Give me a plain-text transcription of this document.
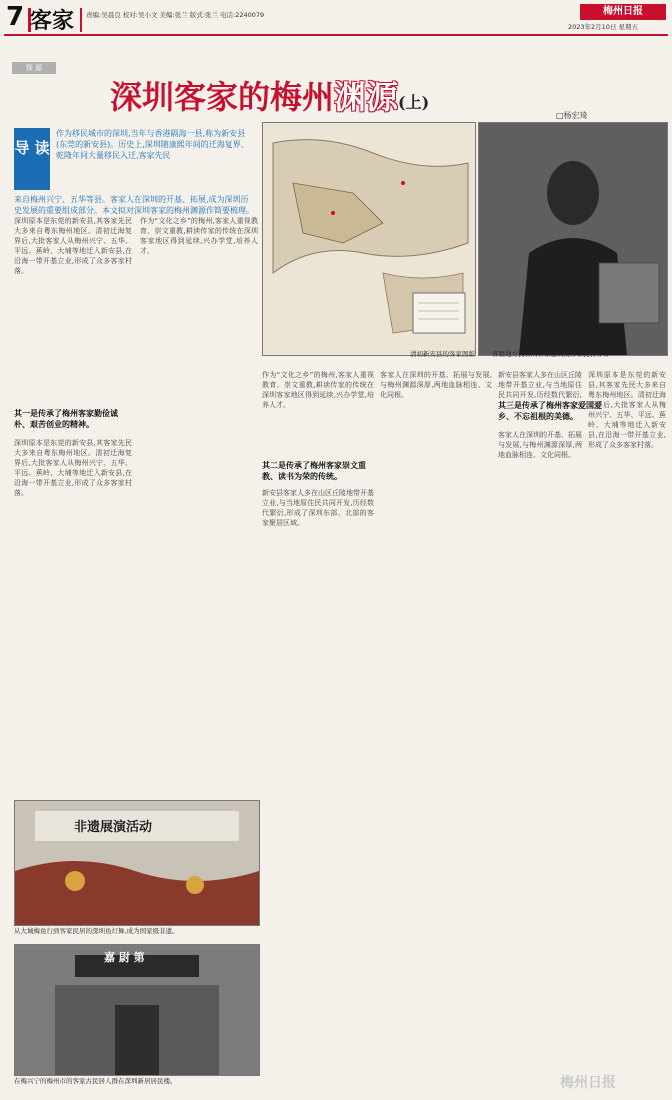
7 客家 责编:吴晨良 校对:吴小文 美编:张兰 版式:张兰 电话:2240079	梅州日报
2023年2月10日 星期五
探 源
深圳客家的梅州渊源(上)
□杨宏琦
导 读
作为移民城市的深圳,当年与香港隔海一县,称为新安县(东莞的新安县)。历史上,深圳随康熙年间的迁海复界、乾隆年间大量移民入迁,客家先民
来自梅州兴宁、五华等县。客家人在深圳的开基、拓展,成为深圳历史发展的重要组成部分。本文拟对深圳客家的梅州渊源作简要梳理。
清初新安县的客家图版	客籍地方民居的客家建筑及客家民居分布
深圳原本是东莞的新安县,其客家先民大多来自粤东梅州地区。清初迁海复界后,大批客家人从梅州兴宁、五华、平远、蕉岭、大埔等地迁入新安县,在沿海一带开基立业,形成了众多客家村落。
其一是传承了梅州客家勤俭诚朴、艰苦创业的精神。
深圳原本是东莞的新安县,其客家先民大多来自粤东梅州地区。清初迁海复界后,大批客家人从梅州兴宁、五华、平远、蕉岭、大埔等地迁入新安县,在沿海一带开基立业,形成了众多客家村落。
作为“文化之乡”的梅州,客家人重视教育、崇文重教,耕读传家的传统在深圳客家地区得到延续,兴办学堂,培养人才。
其二是传承了梅州客家崇文重教、读书为荣的传统。
作为“文化之乡”的梅州,客家人重视教育、崇文重教,耕读传家的传统在深圳客家地区得到延续,兴办学堂,培养人才。
新安县客家人多在山区丘陵地带开基立业,与当地原住民共同开发,历经数代繁衍,形成了深圳东部、北部的客家聚居区域。
客家人在深圳的开基、拓展与发展,与梅州渊源深厚,两地血脉相连、文化同根。
其三是传承了梅州客家爱国爱乡、不忘祖根的美德。
新安县客家人多在山区丘陵地带开基立业,与当地原住民共同开发,历经数代繁衍,
客家人在深圳的开基、拓展与发展,与梅州渊源深厚,两地血脉相连、文化同根。
深圳原本是东莞的新安县,其客家先民大多来自粤东梅州地区。清初迁海复界后,大批客家人从梅州兴宁、五华、平远、蕉岭、大埔等地迁入新安县,在沿海一带开基立业,形成了众多客家村落。
非遗展演活动
从大城梅鱼行到客家民居的深圳鱼灯舞,成为国家级非遗。
嘉 尉 第
在梅兴宁的梅州市的客家古民居人群在深圳新居居民楼。	梅州日报
